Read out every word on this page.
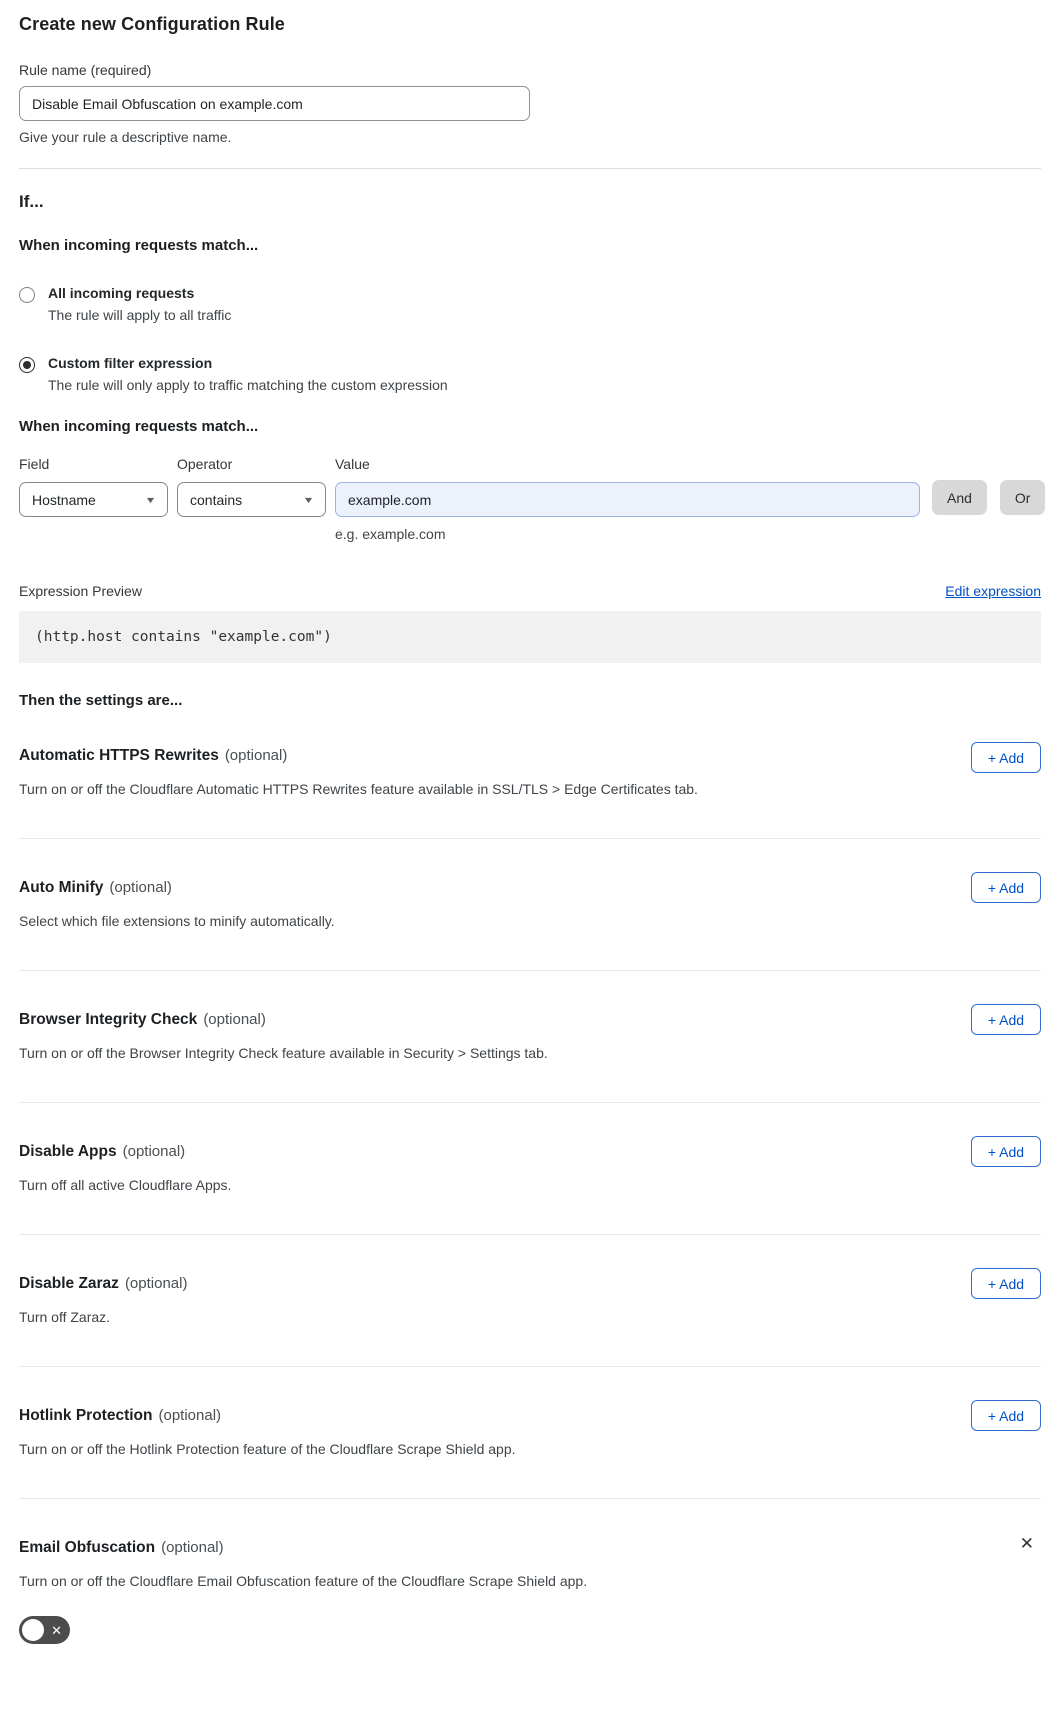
Create new Configuration Rule
Rule name (required)
Disable Email Obfuscation on example.com
Give your rule a descriptive name.
If...
When incoming requests match...
All incoming requests
The rule will apply to all traffic
Custom filter expression
The rule will only apply to traffic matching the custom expression
When incoming requests match...
Field
Hostname	▼
Operator
contains	▼
Value
example.com
e.g. example.com
And	Or
Expression Preview	Edit expression
(http.host contains "example.com")
Then the settings are...
Automatic HTTPS Rewrites (optional)
Turn on or off the Cloudflare Automatic HTTPS Rewrites feature available in SSL/TLS > Edge Certificates tab.
+ Add
Auto Minify (optional)
Select which file extensions to minify automatically.
+ Add
Browser Integrity Check (optional)
Turn on or off the Browser Integrity Check feature available in Security > Settings tab.
+ Add
Disable Apps (optional)
Turn off all active Cloudflare Apps.
+ Add
Disable Zaraz (optional)
Turn off Zaraz.
+ Add
Hotlink Protection (optional)
Turn on or off the Hotlink Protection feature of the Cloudflare Scrape Shield app.
+ Add
Email Obfuscation (optional)
Turn on or off the Cloudflare Email Obfuscation feature of the Cloudflare Scrape Shield app.
✕
✕
